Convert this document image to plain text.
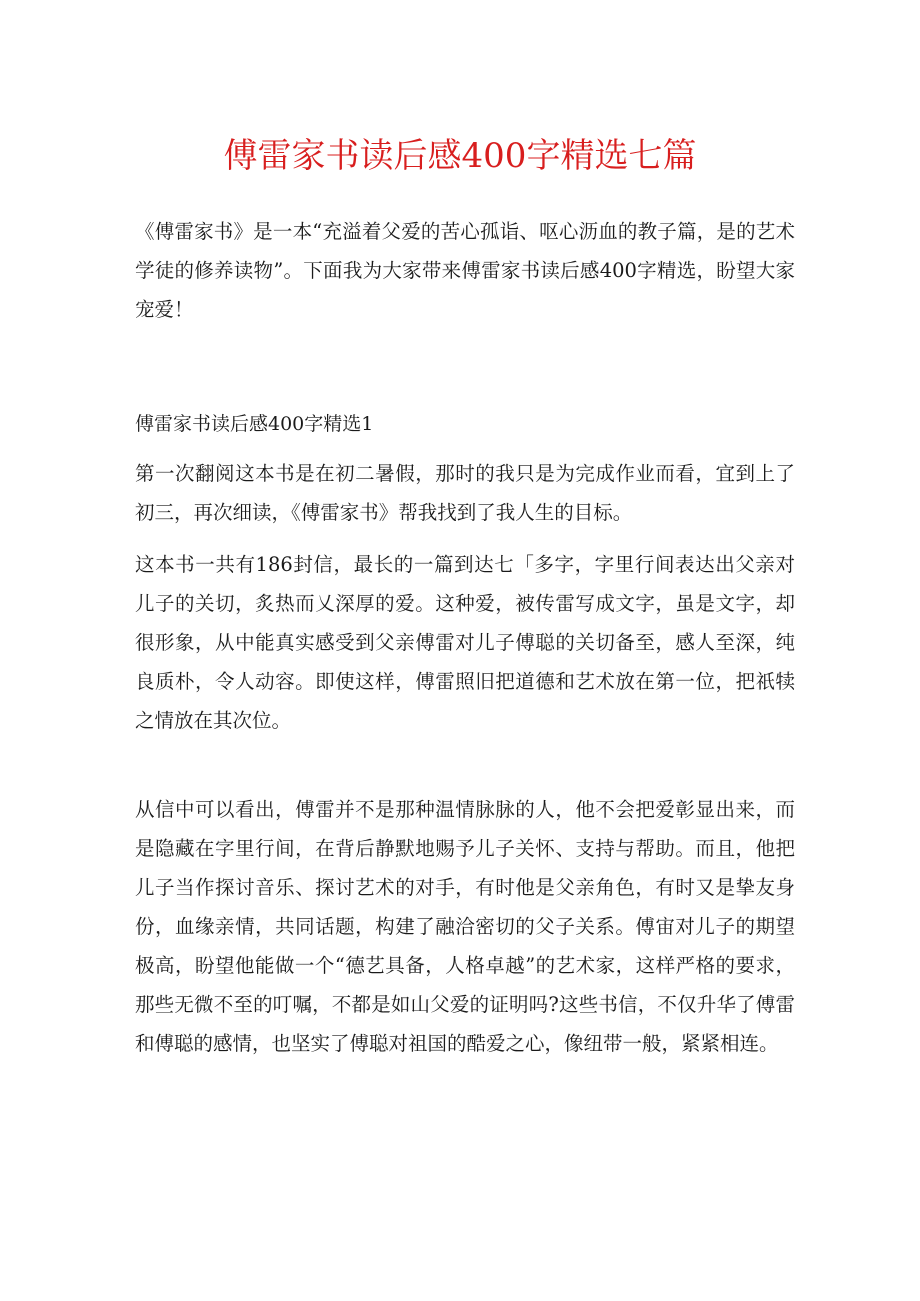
傅雷家书读后感400字精选七篇

《傅雷家书》是一本“充溢着父爱的苦心孤诣、呕心沥血的教子篇，是的艺术学徒的修养读物”。下面我为大家带来傅雷家书读后感400字精选，盼望大家宠爱！

傅雷家书读后感400字精选1

第一次翻阅这本书是在初二暑假，那时的我只是为完成作业而看，宜到上了初三，再次细读，《傅雷家书》帮我找到了我人生的目标。

这本书一共有186封信，最长的一篇到达七「多字，字里行间表达出父亲对儿子的关切，炙热而乂深厚的爱。这种爱，被传雷写成文字，虽是文字，却很形象，从中能真实感受到父亲傅雷对儿子傅聪的关切备至，感人至深，纯良质朴，令人动容。即使这样，傅雷照旧把道德和艺术放在第一位，把祇犊之情放在其次位。

从信中可以看出，傅雷并不是那种温情脉脉的人，他不会把爱彰显出来，而是隐藏在字里行间，在背后静默地赐予儿子关怀、支持与帮助。而且，他把儿子当作探讨音乐、探讨艺术的对手，有时他是父亲角色，有时又是挚友身份，血缘亲情，共同话题，构建了融洽密切的父子关系。傅宙对儿子的期望极高，盼望他能做一个“德艺具备，人格卓越”的艺术家，这样严格的要求，那些无微不至的叮嘱，不都是如山父爱的证明吗?这些书信，不仅升华了傅雷和傅聪的感情，也坚实了傅聪对祖国的酷爱之心，像纽带一般，紧紧相连。
